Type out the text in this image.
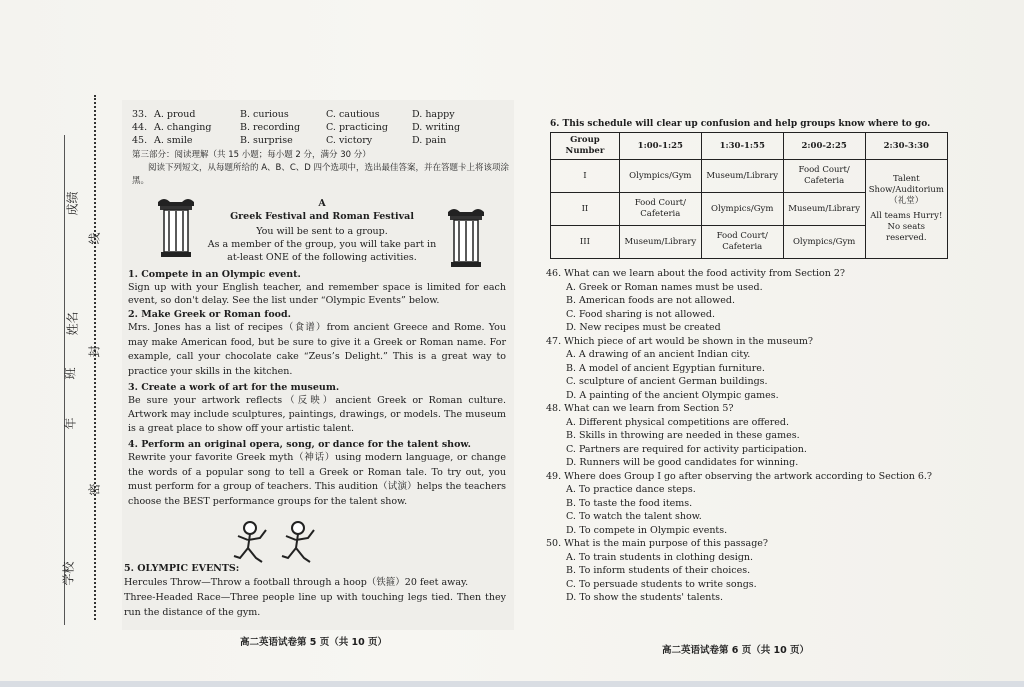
成绩
线
姓名
封
班
年
密
学校
33. A. proud	B. curious	C. cautious	D. happy
44. A. changing	B. recording	C. practicing	D. writing
45. A. smile	B. surprise	C. victory	D. pain

第三部分：阅读理解（共 15 小题；每小题 2 分，满分 30 分）

阅读下列短文，从每题所给的 A、B、C、D 四个选项中，选出最佳答案，并在答题卡上将该项涂黑。

A

Greek Festival and Roman Festival

You will be sent to a group.

As a member of the group, you will take part in

at-least ONE of the following activities.

1. Compete in an Olympic event.

Sign up with your English teacher, and remember space is limited for each event, so don't delay. See the list under “Olympic Events” below.

2. Make Greek or Roman food.

Mrs. Jones has a list of recipes（食谱）from ancient Greece and Rome. You may make American food, but be sure to give it a Greek or Roman name. For example, call your chocolate cake “Zeus’s Delight.” This is a great way to practice your skills in the kitchen.

3. Create a work of art for the museum.

Be sure your artwork reflects（反映）ancient Greek or Roman culture. Artwork may include sculptures, paintings, drawings, or models. The museum is a great place to show off your artistic talent.

4. Perform an original opera, song, or dance for the talent show.

Rewrite your favorite Greek myth（神话）using modern language, or change the words of a popular song to tell a Greek or Roman tale. To try out, you must perform for a group of teachers. This audition（试演）helps the teachers choose the BEST performance groups for the talent show.

5. OLYMPIC EVENTS:

Hercules Throw—Throw a football through a hoop（铁箍）20 feet away.

Three-Headed Race—Three people line up with touching legs tied. Then they run the distance of the gym.

高二英语试卷第 5 页（共 10 页）

6. This schedule will clear up confusion and help groups know where to go.

Group Number	1:00-1:25	1:30-1:55	2:00-2:25	2:30-3:30
I	Olympics/Gym	Museum/Library	Food Court/ Cafeteria	Talent
Show/Auditorium
（礼堂）
All teams Hurry!
No seats reserved.

II	Food Court/ Cafeteria	Olympics/Gym	Museum/Library	
III	Museum/Library	Food Court/ Cafeteria	Olympics/Gym	

46. What can we learn about the food activity from Section 2?

A. Greek or Roman names must be used.

B. American foods are not allowed.

C. Food sharing is not allowed.

D. New recipes must be created

47. Which piece of art would be shown in the museum?

A. A drawing of an ancient Indian city.

B. A model of ancient Egyptian furniture.

C. sculpture of ancient German buildings.

D. A painting of the ancient Olympic games.

48. What can we learn from Section 5?

A. Different physical competitions are offered.

B. Skills in throwing are needed in these games.

C. Partners are required for activity participation.

D. Runners will be good candidates for winning.

49. Where does Group I go after observing the artwork according to Section 6.?

A. To practice dance steps.

B. To taste the food items.

C. To watch the talent show.

D. To compete in Olympic events.

50. What is the main purpose of this passage?

A. To train students in clothing design.

B. To inform students of their choices.

C. To persuade students to write songs.

D. To show the students' talents.

高二英语试卷第 6 页（共 10 页）
